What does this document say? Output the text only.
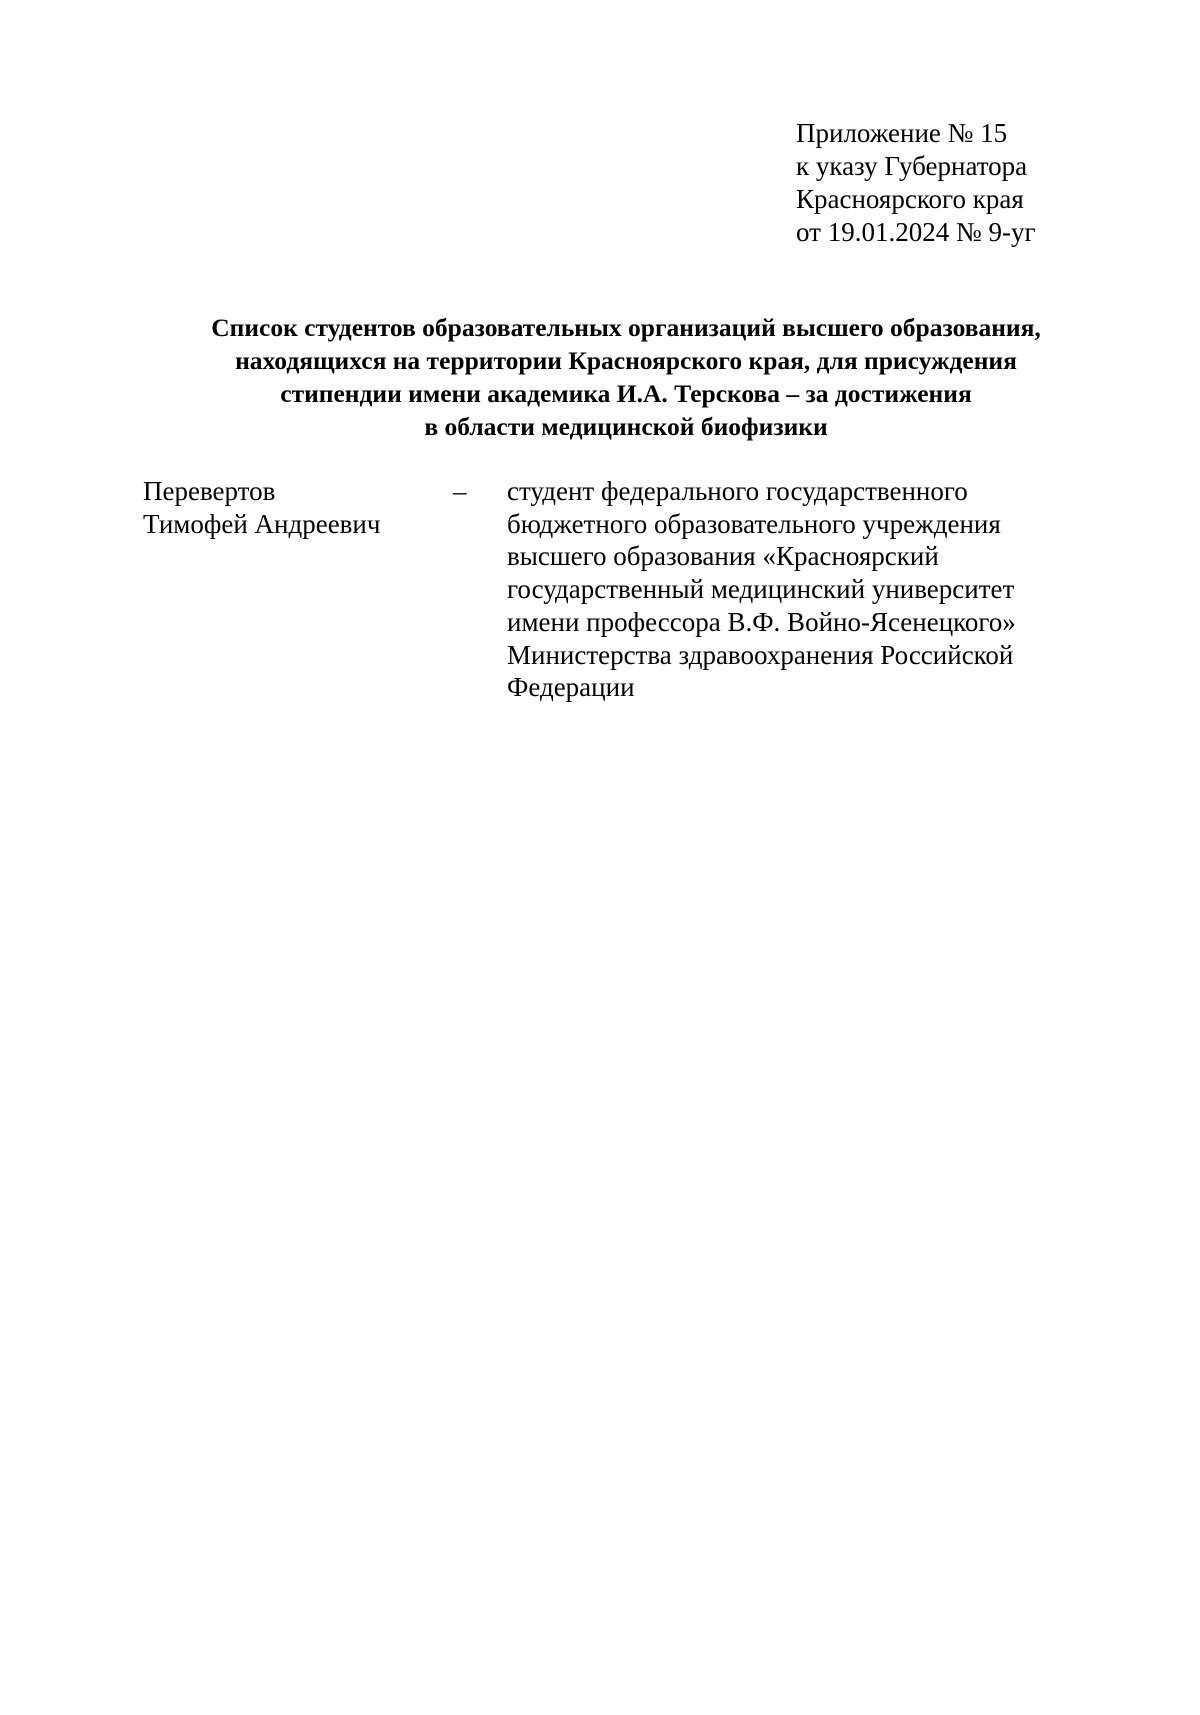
Приложение № 15
к указу Губернатора
Красноярского края
от 19.01.2024 № 9-уг
Список студентов образовательных организаций высшего образования,
находящихся на территории Красноярского края, для присуждения
стипендии имени академика И.А. Терскова – за достижения
в области медицинской биофизики
Перевертов
Тимофей Андреевич
– студент федерального государственного
бюджетного образовательного учреждения
высшего образования «Красноярский
государственный медицинский университет
имени профессора В.Ф. Войно-Ясенецкого»
Министерства здравоохранения Российской
Федерации
